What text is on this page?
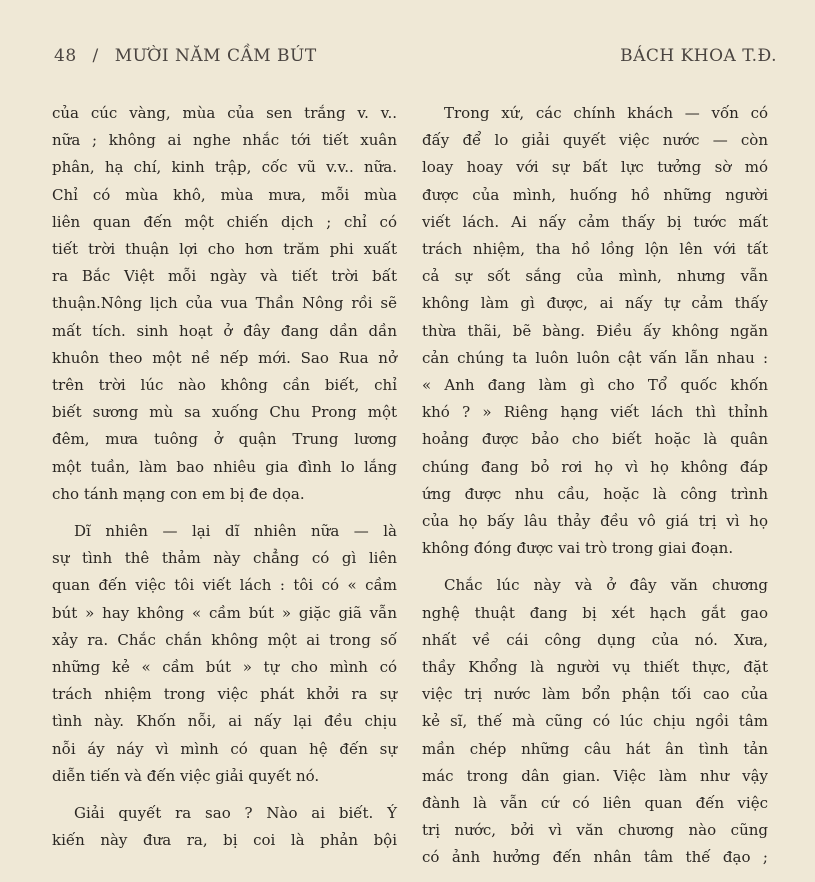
48 / MƯỜI NĂM CẦM BÚT	BÁCH KHOA T.Đ.

của cúc vàng, mùa của sen trắng v. v..
nữa ; không ai nghe nhắc tới tiết xuân
phân, hạ chí, kinh trập, cốc vũ v.v.. nữa.
Chỉ có mùa khô, mùa mưa, mỗi mùa
liên quan đến một chiến dịch ; chỉ có
tiết trời thuận lợi cho hơn trăm phi xuất
ra Bắc Việt mỗi ngày và tiết trời bất
thuận.Nông lịch của vua Thần Nông rồi sẽ
mất tích. sinh hoạt ở đây đang dần dần
khuôn theo một nề nếp mới. Sao Rua nở
trên trời lúc nào không cần biết, chỉ
biết sương mù sa xuống Chu Prong một
đêm, mưa tuông ở quận Trung lương
một tuần, làm bao nhiêu gia đình lo lắng
cho tánh mạng con em bị đe dọa.

Dĩ nhiên — lại dĩ nhiên nữa — là
sự tình thê thảm này chẳng có gì liên
quan đến việc tôi viết lách : tôi có « cầm
bút » hay không « cầm bút » giặc giã vẫn
xảy ra. Chắc chắn không một ai trong số
những kẻ « cầm bút » tự cho mình có
trách nhiệm trong việc phát khởi ra sự
tình này. Khốn nỗi, ai nấy lại đều chịu
nỗi áy náy vì mình có quan hệ đến sự
diễn tiến và đến việc giải quyết nó.

Giải quyết ra sao ? Nào ai biết. Ý
kiến này đưa ra, bị coi là phản bội

Trong xứ, các chính khách — vốn có
đấy để lo giải quyết việc nước — còn
loay hoay với sự bất lực tưởng sờ mó
được của mình, huống hồ những người
viết lách. Ai nấy cảm thấy bị tước mất
trách nhiệm, tha hồ lồng lộn lên với tất
cả sự sốt sắng của mình, nhưng vẫn
không làm gì được, ai nấy tự cảm thấy
thừa thãi, bẽ bàng. Điều ấy không ngăn
cản chúng ta luôn luôn cật vấn lẫn nhau :
« Anh đang làm gì cho Tổ quốc khốn
khó ? » Riêng hạng viết lách thì thỉnh
hoảng được bảo cho biết hoặc là quân
chúng đang bỏ rơi họ vì họ không đáp
ứng được nhu cầu, hoặc là công trình
của họ bấy lâu thảy đều vô giá trị vì họ
không đóng được vai trò trong giai đoạn.

Chắc lúc này và ở đây văn chương
nghệ thuật đang bị xét hạch gắt gao
nhất về cái công dụng của nó. Xưa,
thầy Khổng là người vụ thiết thực, đặt
việc trị nước làm bổn phận tối cao của
kẻ sĩ, thế mà cũng có lúc chịu ngồi tâm
mần chép những câu hát ân tình tản
mác trong dân gian. Việc làm như vậy
đành là vẫn cứ có liên quan đến việc
trị nước, bởi vì văn chương nào cũng
có ảnh hưởng đến nhân tâm thế đạo ;
